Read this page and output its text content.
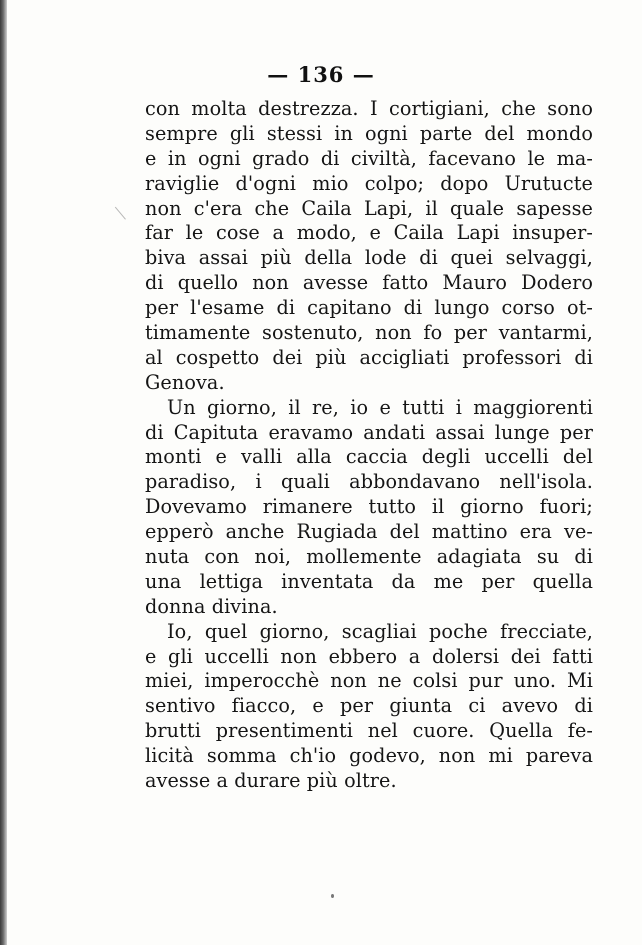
— 136 —
con molta destrezza. I cortigiani, che sono
sempre gli stessi in ogni parte del mondo
e in ogni grado di civiltà, facevano le ma-
raviglie d'ogni mio colpo; dopo Urutucte
non c'era che Caila Lapi, il quale sapesse
far le cose a modo, e Caila Lapi insuper-
biva assai più della lode di quei selvaggi,
di quello non avesse fatto Mauro Dodero
per l'esame di capitano di lungo corso ot-
timamente sostenuto, non fo per vantarmi,
al cospetto dei più accigliati professori di
Genova.
Un giorno, il re, io e tutti i maggiorenti
di Capituta eravamo andati assai lunge per
monti e valli alla caccia degli uccelli del
paradiso, i quali abbondavano nell'isola.
Dovevamo rimanere tutto il giorno fuori;
epperò anche Rugiada del mattino era ve-
nuta con noi, mollemente adagiata su di
una lettiga inventata da me per quella
donna divina.
Io, quel giorno, scagliai poche frecciate,
e gli uccelli non ebbero a dolersi dei fatti
miei, imperocchè non ne colsi pur uno. Mi
sentivo fiacco, e per giunta ci avevo di
brutti presentimenti nel cuore. Quella fe-
licità somma ch'io godevo, non mi pareva
avesse a durare più oltre.
